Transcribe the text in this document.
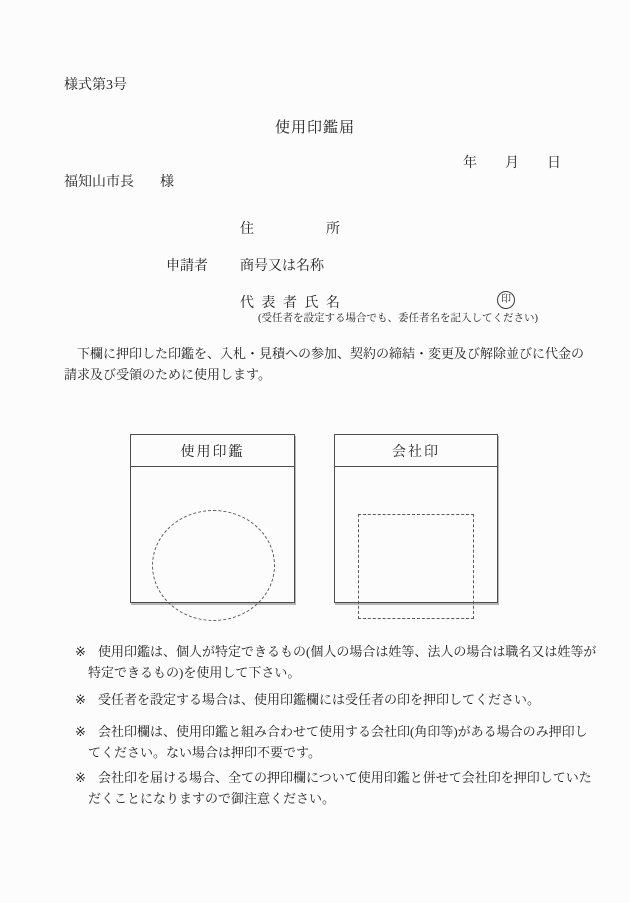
様式第3号
使用印鑑届
年　　月　　日
福知山市長 様
住所
申請者 商号又は名称
代表者氏名	印
(受任者を設定する場合でも、委任者名を記入してください)
　下欄に押印した印鑑を、入札・見積への参加、契約の締結・変更及び解除並びに代金の
請求及び受領のために使用します。
使用印鑑	会社印
※ 使用印鑑は、個人が特定できるもの(個人の場合は姓等、法人の場合は職名又は姓等が
特定できるもの)を使用して下さい。
※ 受任者を設定する場合は、使用印鑑欄には受任者の印を押印してください。
※ 会社印欄は、使用印鑑と組み合わせて使用する会社印(角印等)がある場合のみ押印し
てください。ない場合は押印不要です。
※ 会社印を届ける場合、全ての押印欄について使用印鑑と併せて会社印を押印していた
だくことになりますので御注意ください。
